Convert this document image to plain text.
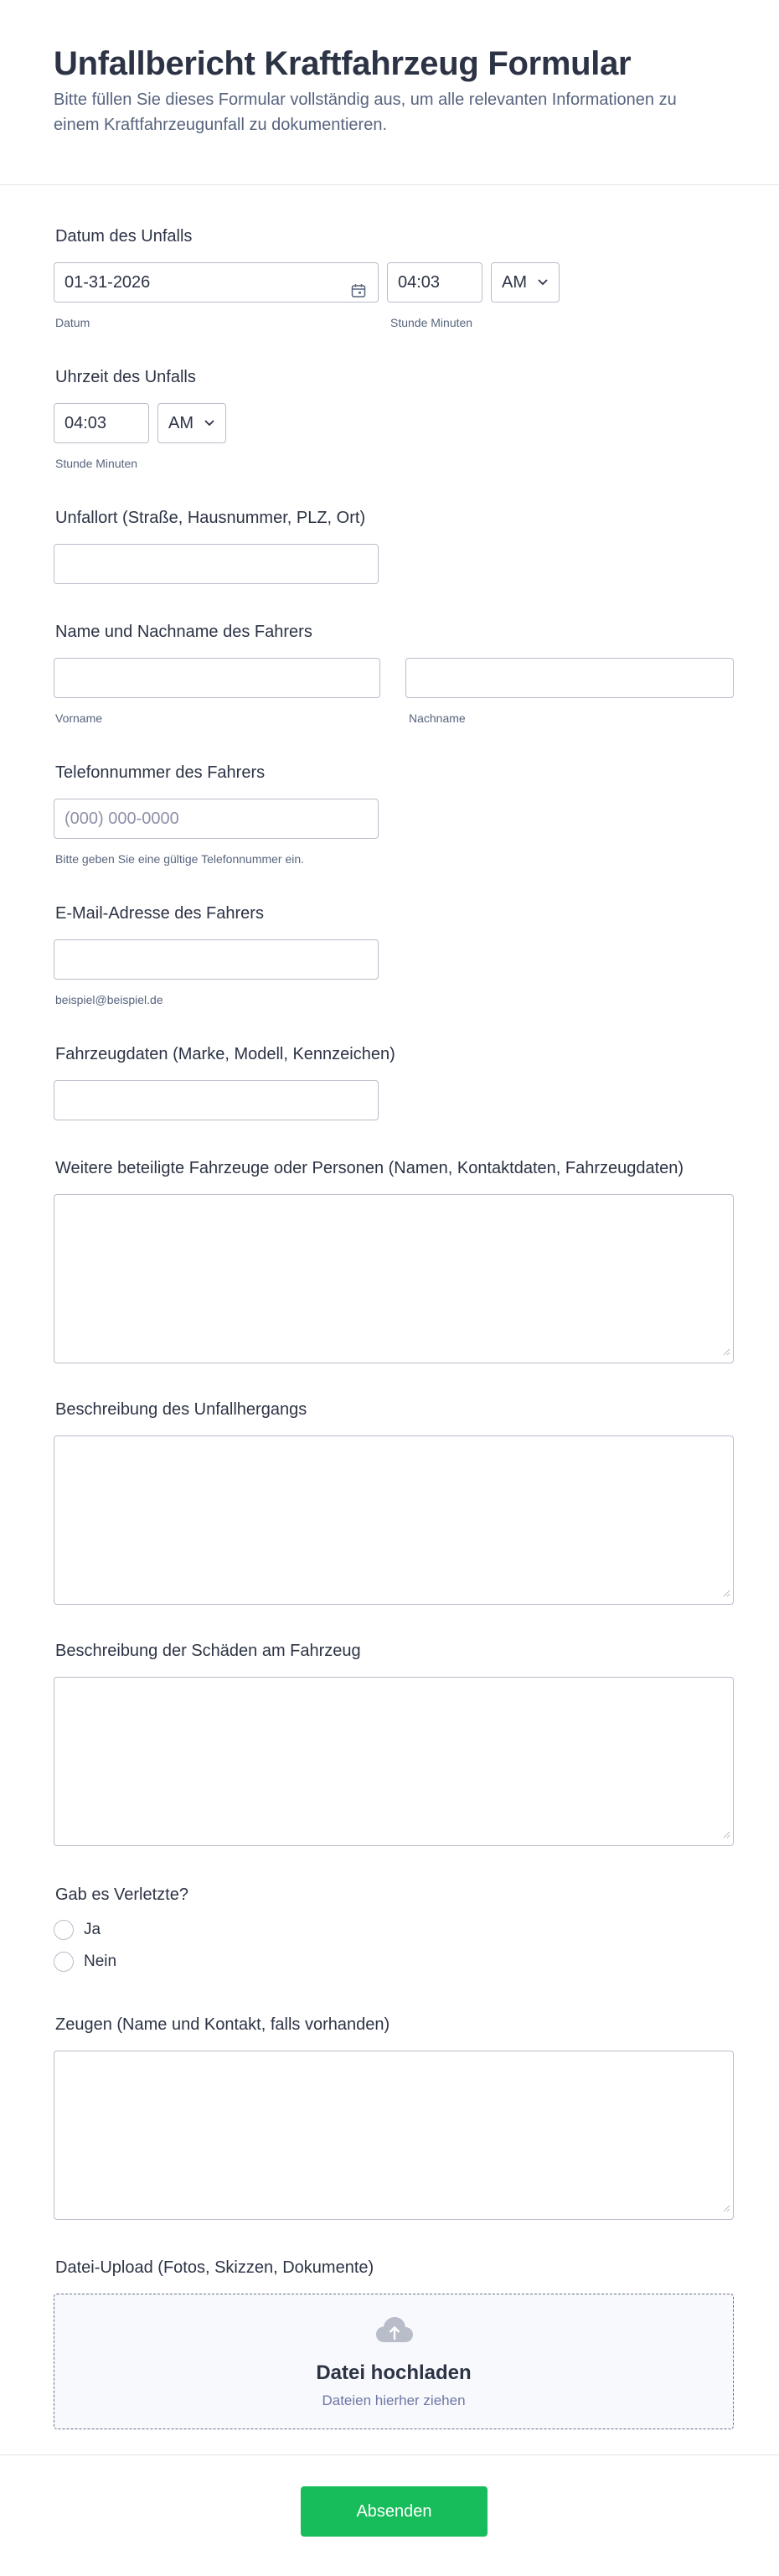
Unfallbericht Kraftfahrzeug Formular

Bitte füllen Sie dieses Formular vollständig aus, um alle relevanten Informationen zu einem Kraftfahrzeugunfall zu dokumentieren.

Datum des Unfalls
01-31-2026
Datum
04:03	AM
Stunde Minuten
Uhrzeit des Unfalls
04:03	AM
Stunde Minuten
Unfallort (Straße, Hausnummer, PLZ, Ort)
Name und Nachname des Fahrers
Vorname	Nachname
Telefonnummer des Fahrers
(000) 000-0000
Bitte geben Sie eine gültige Telefonnummer ein.
E-Mail-Adresse des Fahrers
beispiel@beispiel.de
Fahrzeugdaten (Marke, Modell, Kennzeichen)
Weitere beteiligte Fahrzeuge oder Personen (Namen, Kontaktdaten, Fahrzeugdaten)
Beschreibung des Unfallhergangs
Beschreibung der Schäden am Fahrzeug
Gab es Verletzte?
Ja
Nein
Zeugen (Name und Kontakt, falls vorhanden)
Datei-Upload (Fotos, Skizzen, Dokumente)
Datei hochladen
Dateien hierher ziehen
Absenden
